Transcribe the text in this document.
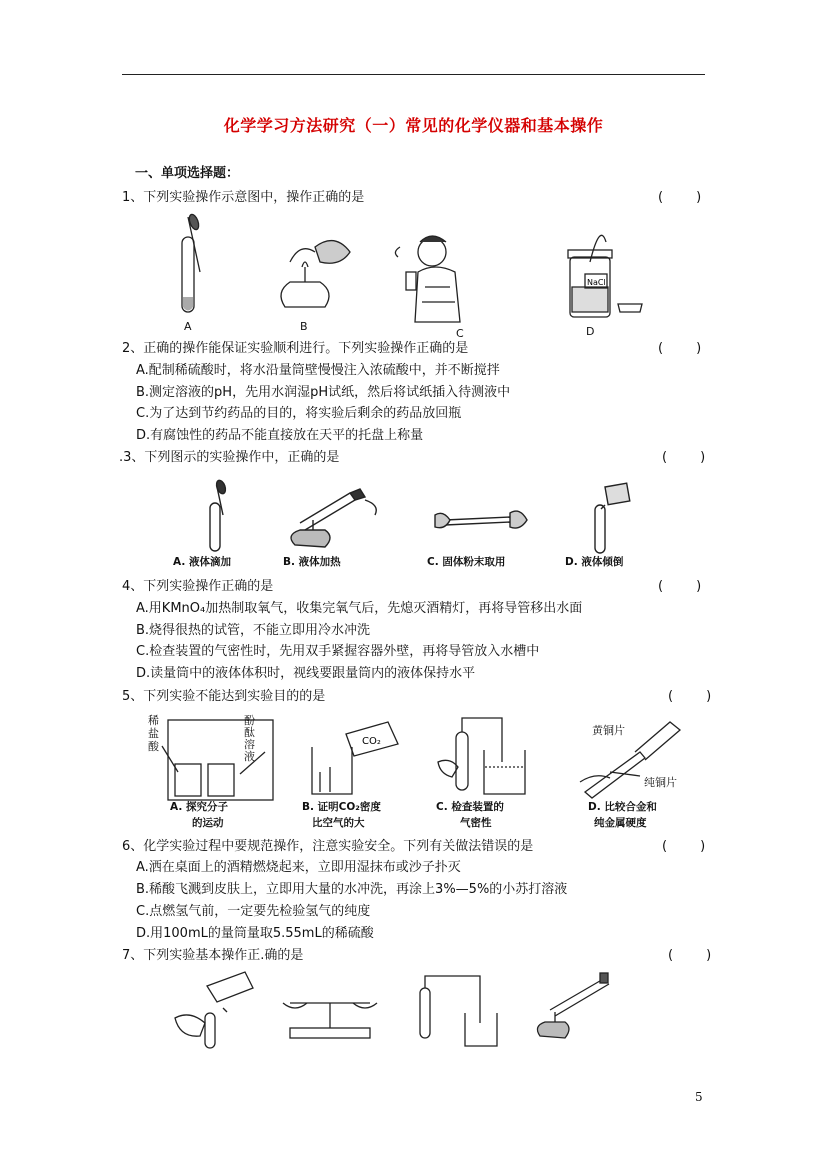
化学学习方法研究（一）常见的化学仪器和基本操作
一、单项选择题：
1、下列实验操作示意图中，操作正确的是	(        )
A	B
C
NaCl
D
2、正确的操作能保证实验顺利进行。下列实验操作正确的是	(        )
A.配制稀硫酸时，将水沿量筒壁慢慢注入浓硫酸中，并不断搅拌
B.测定溶液的pH，先用水润湿pH试纸，然后将试纸插入待测液中
C.为了达到节约药品的目的，将实验后剩余的药品放回瓶
D.有腐蚀性的药品不能直接放在天平的托盘上称量
.3、下列图示的实验操作中，正确的是	(        )
A. 液体滴加	B. 液体加热	C. 固体粉末取用	D. 液体倾倒
4、下列实验操作正确的是	(        )
A.用KMnO₄加热制取氧气，收集完氧气后，先熄灭酒精灯，再将导管移出水面
B.烧得很热的试管，不能立即用冷水冲洗
C.检查装置的气密性时，先用双手紧握容器外壁，再将导管放入水槽中
D.读量筒中的液体体积时，视线要跟量筒内的液体保持水平
5、下列实验不能达到实验目的的是	(        )
稀
盐
酸
酚
酞
溶
液
A. 探究分子
的运动
CO₂
B. 证明CO₂密度
比空气的大
C. 检查装置的
气密性
黄铜片
纯铜片
D. 比较合金和
纯金属硬度
6、化学实验过程中要规范操作，注意实验安全。下列有关做法错误的是	(        )
A.洒在桌面上的酒精燃烧起来，立即用湿抹布或沙子扑灭
B.稀酸飞溅到皮肤上，立即用大量的水冲洗，再涂上3%—5%的小苏打溶液
C.点燃氢气前，一定要先检验氢气的纯度
D.用100mL的量筒量取5.55mL的稀硫酸
7、下列实验基本操作正.确的是	(        )
5
